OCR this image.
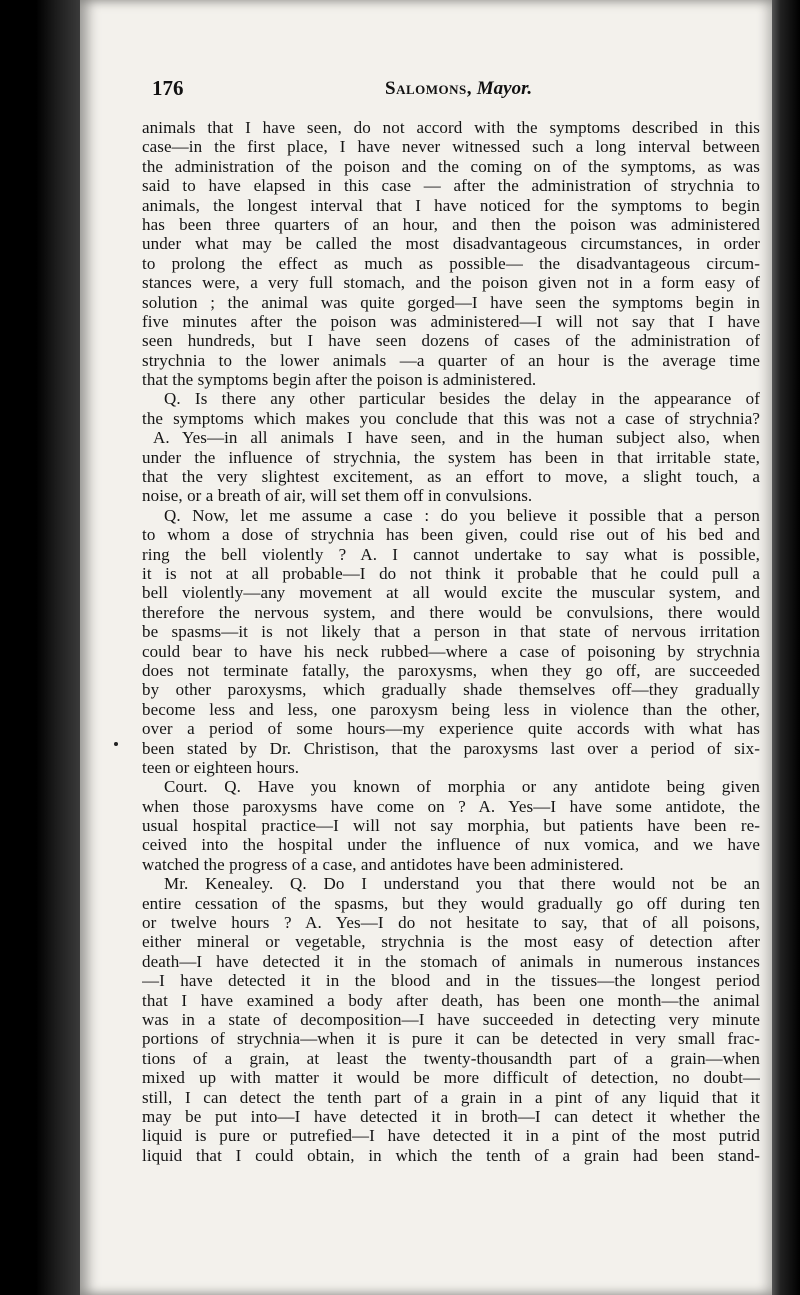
176	Salomons, Mayor.
animals that I have seen, do not accord with the symptoms described in this
case—in the first place, I have never witnessed such a long interval between
the administration of the poison and the coming on of the symptoms, as was
said to have elapsed in this case — after the administration of strychnia to
animals, the longest interval that I have noticed for the symptoms to begin
has been three quarters of an hour, and then the poison was administered
under what may be called the most disadvantageous circumstances, in order
to prolong the effect as much as possible— the disadvantageous circum-
stances were, a very full stomach, and the poison given not in a form easy of
solution ; the animal was quite gorged—I have seen the symptoms begin in
five minutes after the poison was administered—I will not say that I have
seen hundreds, but I have seen dozens of cases of the administration of
strychnia to the lower animals —a quarter of an hour is the average time
that the symptoms begin after the poison is administered.
Q. Is there any other particular besides the delay in the appearance of
the symptoms which makes you conclude that this was not a case of strychnia?
A. Yes—in all animals I have seen, and in the human subject also, when
under the influence of strychnia, the system has been in that irritable state,
that the very slightest excitement, as an effort to move, a slight touch, a
noise, or a breath of air, will set them off in convulsions.
Q. Now, let me assume a case : do you believe it possible that a person
to whom a dose of strychnia has been given, could rise out of his bed and
ring the bell violently ? A. I cannot undertake to say what is possible,
it is not at all probable—I do not think it probable that he could pull a
bell violently—any movement at all would excite the muscular system, and
therefore the nervous system, and there would be convulsions, there would
be spasms—it is not likely that a person in that state of nervous irritation
could bear to have his neck rubbed—where a case of poisoning by strychnia
does not terminate fatally, the paroxysms, when they go off, are succeeded
by other paroxysms, which gradually shade themselves off—they gradually
become less and less, one paroxysm being less in violence than the other,
over a period of some hours—my experience quite accords with what has
been stated by Dr. Christison, that the paroxysms last over a period of six-
teen or eighteen hours.
Court. Q. Have you known of morphia or any antidote being given
when those paroxysms have come on ? A. Yes—I have some antidote, the
usual hospital practice—I will not say morphia, but patients have been re-
ceived into the hospital under the influence of nux vomica, and we have
watched the progress of a case, and antidotes have been administered.
Mr. Kenealey. Q. Do I understand you that there would not be an
entire cessation of the spasms, but they would gradually go off during ten
or twelve hours ? A. Yes—I do not hesitate to say, that of all poisons,
either mineral or vegetable, strychnia is the most easy of detection after
death—I have detected it in the stomach of animals in numerous instances
—I have detected it in the blood and in the tissues—the longest period
that I have examined a body after death, has been one month—the animal
was in a state of decomposition—I have succeeded in detecting very minute
portions of strychnia—when it is pure it can be detected in very small frac-
tions of a grain, at least the twenty-thousandth part of a grain—when
mixed up with matter it would be more difficult of detection, no doubt—
still, I can detect the tenth part of a grain in a pint of any liquid that it
may be put into—I have detected it in broth—I can detect it whether the
liquid is pure or putrefied—I have detected it in a pint of the most putrid
liquid that I could obtain, in which the tenth of a grain had been stand-
